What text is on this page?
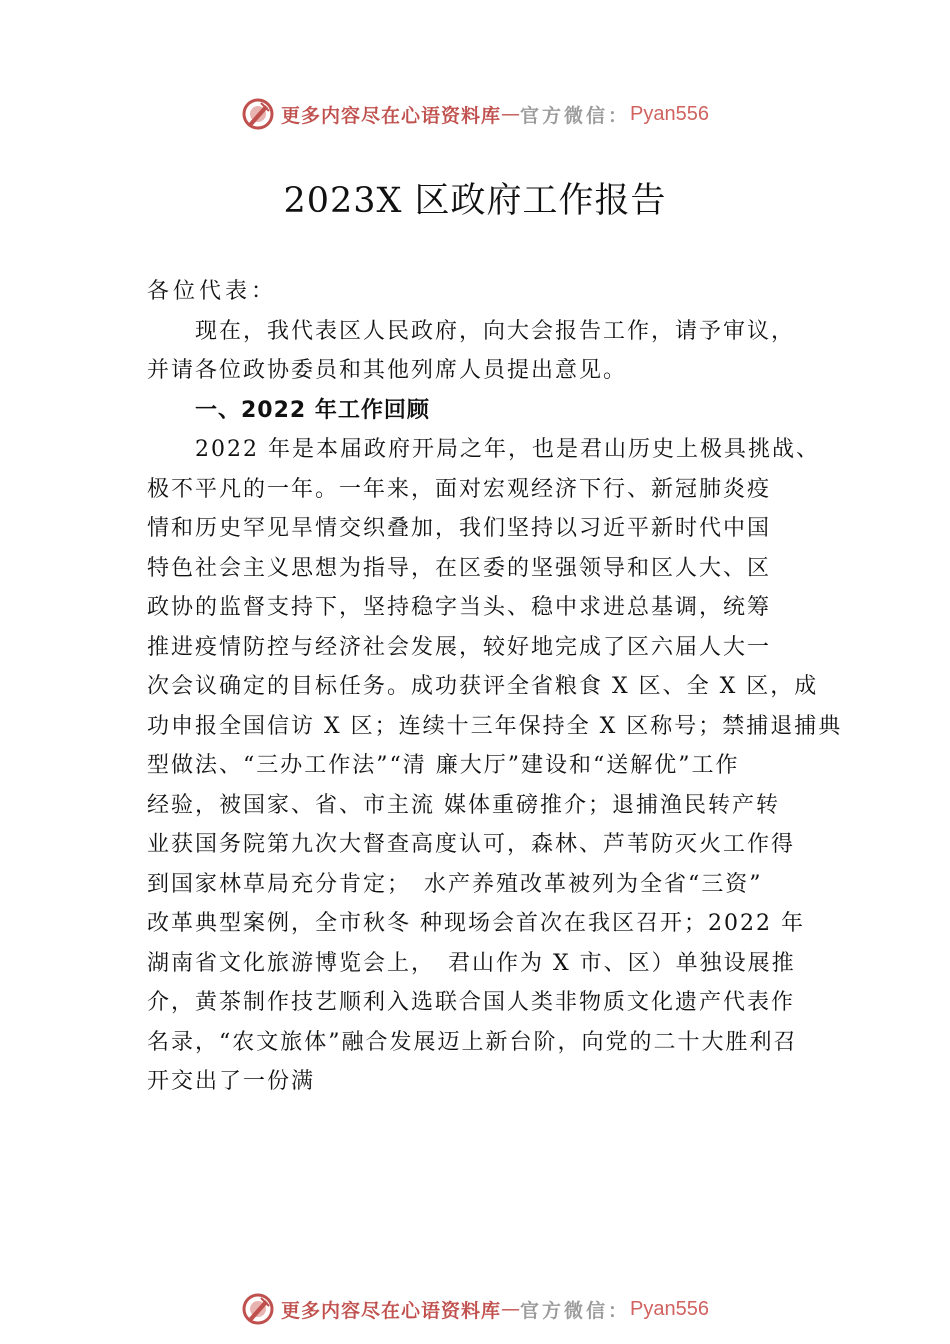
更多内容尽在心语资料库 — 官方微信： Pyan556
2023X 区政府工作报告

各位代表：

现在，我代表区人民政府，向大会报告工作，请予审议，
并请各位政协委员和其他列席人员提出意见。

一、2022 年工作回顾

2022 年是本届政府开局之年，也是君山历史上极具挑战、
极不平凡的一年。一年来，面对宏观经济下行、新冠肺炎疫
情和历史罕见旱情交织叠加，我们坚持以习近平新时代中国
特色社会主义思想为指导，在区委的坚强领导和区人大、区
政协的监督支持下，坚持稳字当头、稳中求进总基调，统筹
推进疫情防控与经济社会发展，较好地完成了区六届人大一
次会议确定的目标任务。成功获评全省粮食 X 区、全 X 区，成
功申报全国信访 X 区；连续十三年保持全 X 区称号；禁捕退捕典
型做法、“三办工作法”“清 廉大厅”建设和“送解优”工作
经验，被国家、省、市主流 媒体重磅推介；退捕渔民转产转
业获国务院第九次大督查高度认可，森林、芦苇防灭火工作得
到国家林草局充分肯定；　水产养殖改革被列为全省“三资”
改革典型案例，全市秋冬 种现场会首次在我区召开；2022 年
湖南省文化旅游博览会上，　君山作为 X 市、区）单独设展推
介，黄茶制作技艺顺利入选联合国人类非物质文化遗产代表作
名录，“农文旅体”融合发展迈上新台阶，向党的二十大胜利召
开交出了一份满

更多内容尽在心语资料库 — 官方微信： Pyan556
